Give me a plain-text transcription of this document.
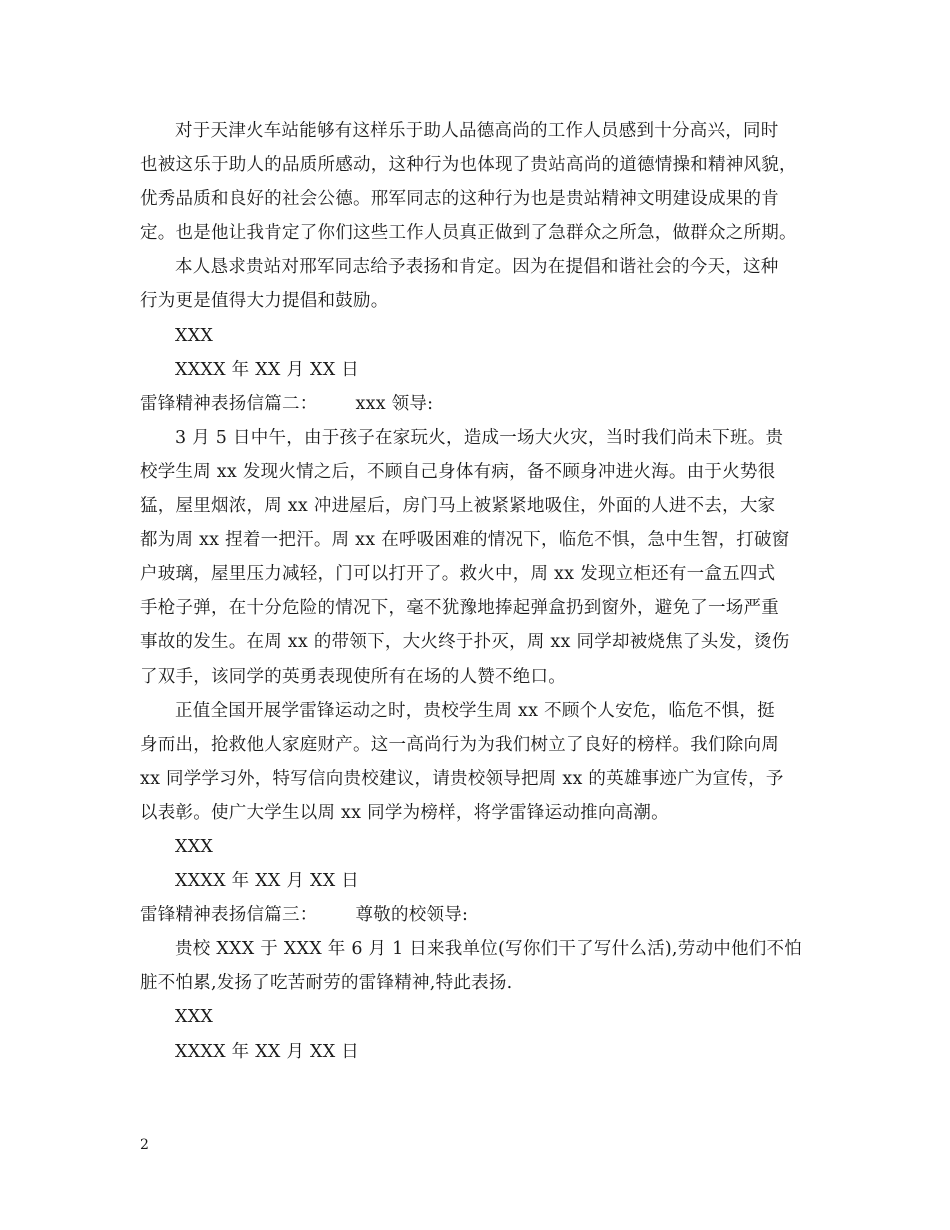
对于天津火车站能够有这样乐于助人品德高尚的工作人员感到十分高兴，同时
也被这乐于助人的品质所感动，这种行为也体现了贵站高尚的道德情操和精神风貌，
优秀品质和良好的社会公德。邢军同志的这种行为也是贵站精神文明建设成果的肯
定。也是他让我肯定了你们这些工作人员真正做到了急群众之所急，做群众之所期。
本人恳求贵站对邢军同志给予表扬和肯定。因为在提倡和谐社会的今天，这种
行为更是值得大力提倡和鼓励。
XXX
XXXX 年 XX 月 XX 日
雷锋精神表扬信篇二： xxx 领导:
3 月 5 日中午，由于孩子在家玩火，造成一场大火灾，当时我们尚未下班。贵
校学生周 xx 发现火情之后，不顾自己身体有病，备不顾身冲进火海。由于火势很
猛，屋里烟浓，周 xx 冲进屋后，房门马上被紧紧地吸住，外面的人进不去，大家
都为周 xx 捏着一把汗。周 xx 在呼吸困难的情况下，临危不惧，急中生智，打破窗
户玻璃，屋里压力减轻，门可以打开了。救火中，周 xx 发现立柜还有一盒五四式
手枪子弹，在十分危险的情况下，毫不犹豫地捧起弹盒扔到窗外，避免了一场严重
事故的发生。在周 xx 的带领下，大火终于扑灭，周 xx 同学却被烧焦了头发，烫伤
了双手，该同学的英勇表现使所有在场的人赞不绝口。
正值全国开展学雷锋运动之时，贵校学生周 xx 不顾个人安危，临危不惧，挺
身而出，抢救他人家庭财产。这一高尚行为为我们树立了良好的榜样。我们除向周
xx 同学学习外，特写信向贵校建议，请贵校领导把周 xx 的英雄事迹广为宣传，予
以表彰。使广大学生以周 xx 同学为榜样，将学雷锋运动推向高潮。
XXX
XXXX 年 XX 月 XX 日
雷锋精神表扬信篇三： 尊敬的校领导:
贵校 XXX 于 XXX 年 6 月 1 日来我单位(写你们干了写什么活),劳动中他们不怕
脏不怕累,发扬了吃苦耐劳的雷锋精神,特此表扬.
XXX
XXXX 年 XX 月 XX 日
2
